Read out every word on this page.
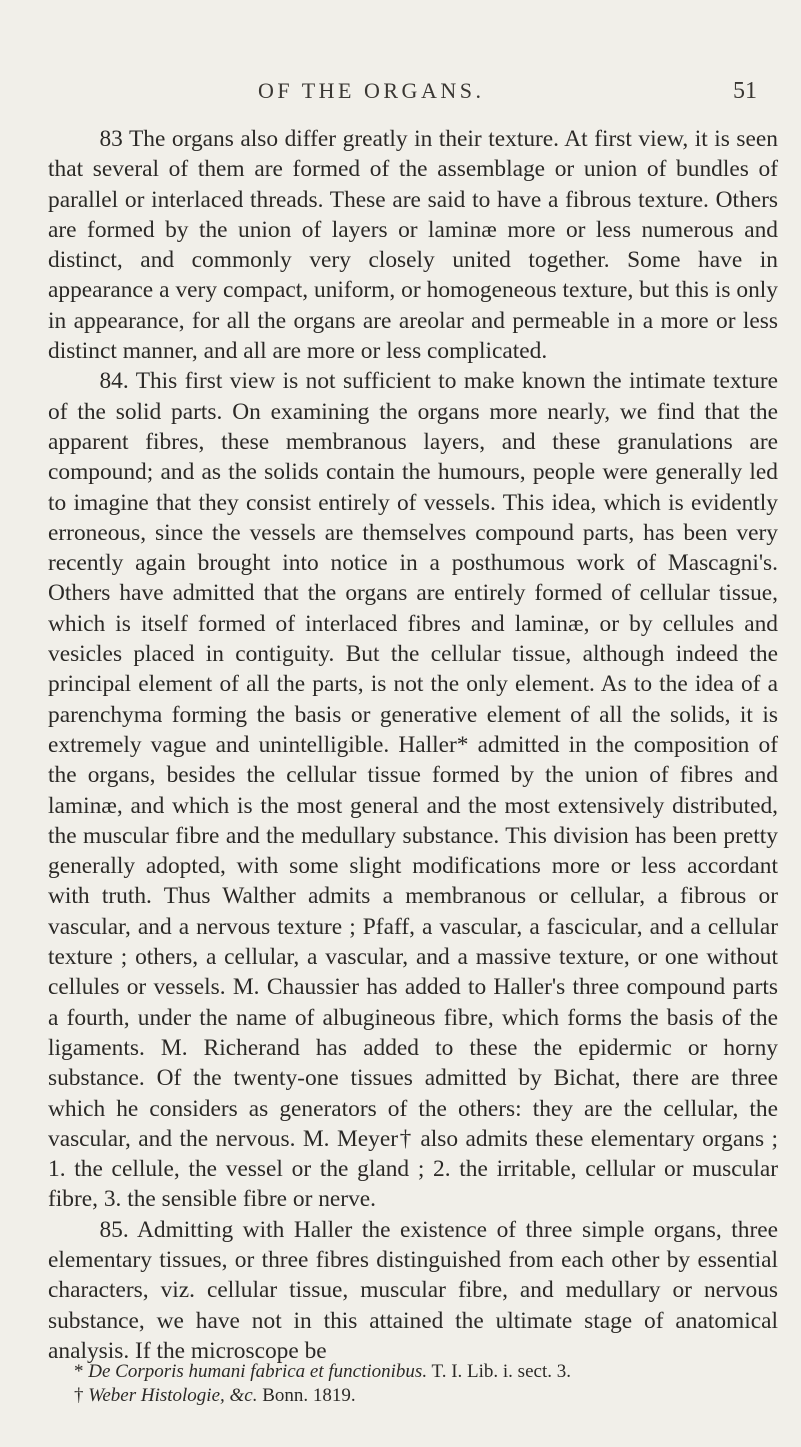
OF THE ORGANS.	51

83 The organs also differ greatly in their texture. At first view, it is seen that several of them are formed of the assemblage or union of bundles of parallel or interlaced threads. These are said to have a fibrous texture. Others are formed by the union of layers or laminæ more or less numerous and distinct, and commonly very closely united together. Some have in appearance a very compact, uniform, or homogeneous texture, but this is only in appearance, for all the organs are areolar and permeable in a more or less distinct manner, and all are more or less complicated.

84. This first view is not sufficient to make known the intimate texture of the solid parts. On examining the organs more nearly, we find that the apparent fibres, these membranous layers, and these granulations are compound; and as the solids contain the humours, people were generally led to imagine that they consist entirely of vessels. This idea, which is evidently erroneous, since the vessels are themselves compound parts, has been very recently again brought into notice in a posthumous work of Mascagni's. Others have admitted that the organs are entirely formed of cellular tissue, which is itself formed of interlaced fibres and laminæ, or by cellules and vesicles placed in contiguity. But the cellular tissue, although indeed the principal element of all the parts, is not the only element. As to the idea of a parenchyma forming the basis or generative element of all the solids, it is extremely vague and unintelligible. Haller* admitted in the composition of the organs, besides the cellular tissue formed by the union of fibres and laminæ, and which is the most general and the most extensively distributed, the muscular fibre and the medullary substance. This division has been pretty generally adopted, with some slight modifications more or less accordant with truth. Thus Walther admits a membranous or cellular, a fibrous or vascular, and a nervous texture ; Pfaff, a vascular, a fascicular, and a cellular texture ; others, a cellular, a vascular, and a massive texture, or one without cellules or vessels. M. Chaussier has added to Haller's three compound parts a fourth, under the name of albugineous fibre, which forms the basis of the ligaments. M. Richerand has added to these the epidermic or horny substance. Of the twenty-one tissues admitted by Bichat, there are three which he considers as generators of the others: they are the cellular, the vascular, and the nervous. M. Meyer† also admits these elementary organs ; 1. the cellule, the vessel or the gland ; 2. the irritable, cellular or muscular fibre, 3. the sensible fibre or nerve.

85. Admitting with Haller the existence of three simple organs, three elementary tissues, or three fibres distinguished from each other by essential characters, viz. cellular tissue, muscular fibre, and medullary or nervous substance, we have not in this attained the ultimate stage of anatomical analysis. If the microscope be

* De Corporis humani fabrica et functionibus. T. I. Lib. i. sect. 3.
† Weber Histologie, &c. Bonn. 1819.
